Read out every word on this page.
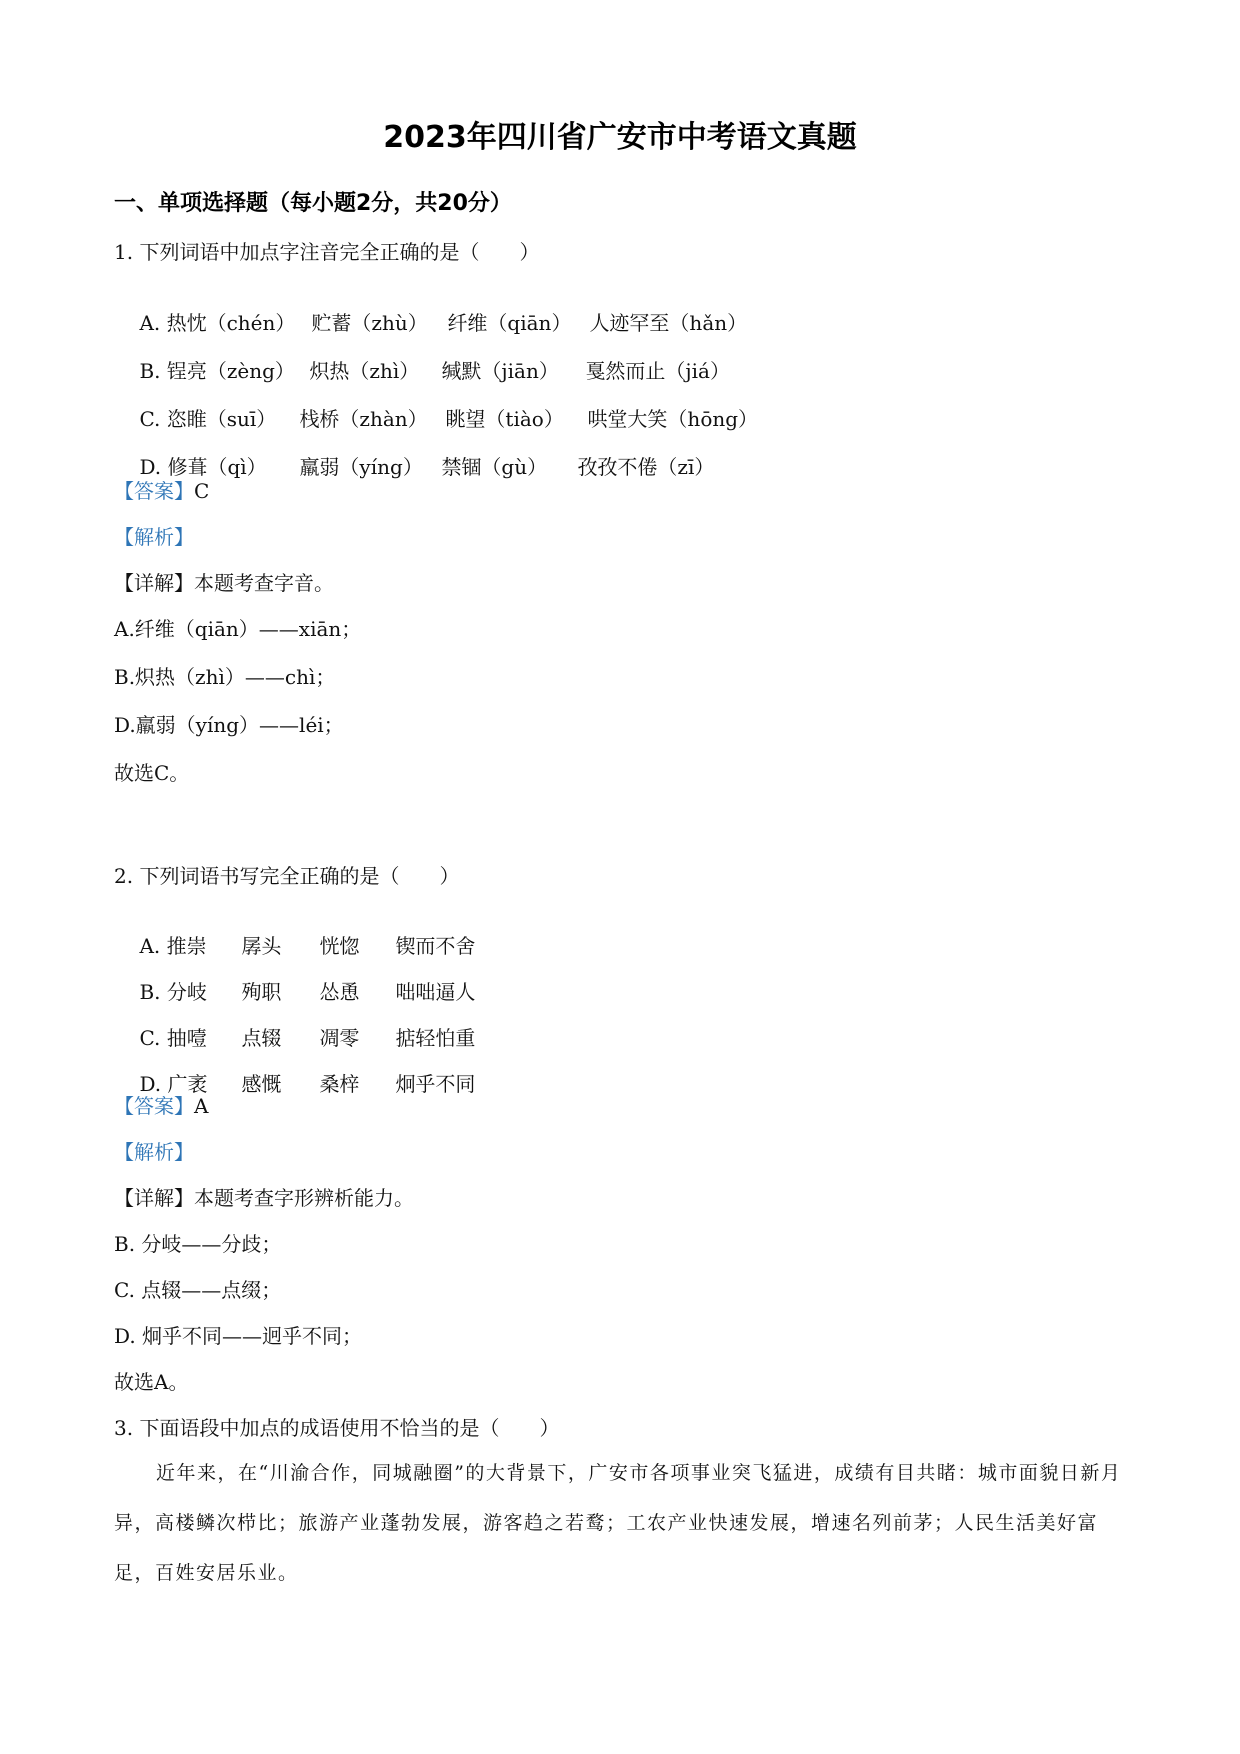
2023年四川省广安市中考语文真题
一、单项选择题（每小题2分，共20分）
1. 下列词语中加点字注音完全正确的是（　　）

A. 热忱（chén） 贮蓄（zhù） 纤维（qiān） 人迹罕至（hǎn）

B. 锃亮（zèng） 炽热（zhì） 缄默（jiān） 戛然而止（jiá）

C. 恣睢（suī） 栈桥（zhàn） 眺望（tiào） 哄堂大笑（hōng）

D. 修葺（qì） 羸弱（yíng） 禁锢（gù） 孜孜不倦（zī）

【答案】C
【解析】
【详解】本题考查字音。
A.纤维（qiān）——xiān；
B.炽热（zhì）——chì；
D.羸弱（yíng）——léi；
故选C。
2. 下列词语书写完全正确的是（　　）

A. 推崇 孱头 恍惚 锲而不舍

B. 分岐 殉职 怂恿 咄咄逼人

C. 抽噎 点辍 凋零 掂轻怕重

D. 广袤 感慨 桑梓 炯乎不同

【答案】A
【解析】
【详解】本题考查字形辨析能力。
B. 分岐——分歧；
C. 点辍——点缀；
D. 炯乎不同——迥乎不同；
故选A。
3. 下面语段中加点的成语使用不恰当的是（　　）
近年来，在“川渝合作，同城融圈”的大背景下，广安市各项事业突飞猛进，成绩有目共睹：城市面貌日新月异，高楼鳞次栉比；旅游产业蓬勃发展，游客趋之若鹜；工农产业快速发展，增速名列前茅；人民生活美好富足，百姓安居乐业。
